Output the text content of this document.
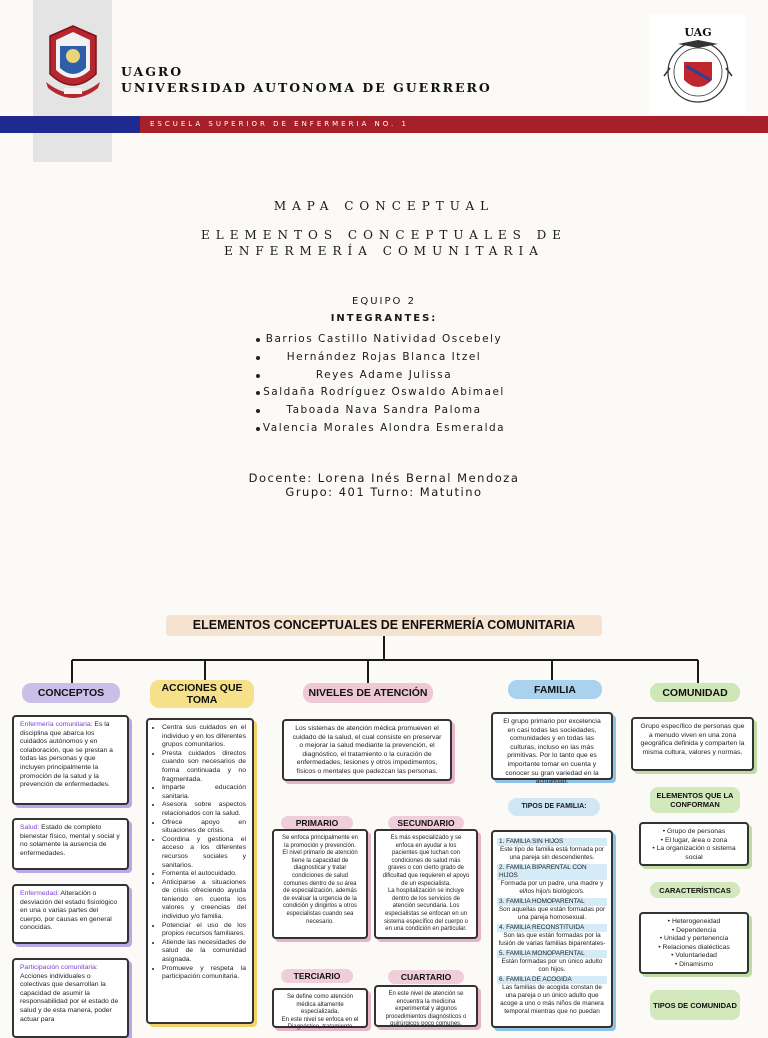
UAG
UAGRO
UNIVERSIDAD AUTONOMA DE GUERRERO
ESCUELA SUPERIOR DE ENFERMERIA NO. 1
MAPA CONCEPTUAL
ELEMENTOS CONCEPTUALES DE
ENFERMERÍA COMUNITARIA
EQUIPO 2
INTEGRANTES:
Barrios Castillo Natividad Oscebely
Hernández Rojas Blanca Itzel
Reyes Adame Julissa
Saldaña Rodríguez Oswaldo Abimael
Taboada Nava Sandra Paloma
Valencia Morales Alondra Esmeralda
Docente: Lorena Inés Bernal Mendoza
Grupo: 401 Turno: Matutino
ELEMENTOS CONCEPTUALES DE ENFERMERÍA COMUNITARIA
CONCEPTOS	ACCIONES QUE TOMA
NIVELES DE ATENCIÓN	FAMILIA	COMUNIDAD
Enfermería comunitaria: Es la disciplina que abarca los cuidados autónomos y en colaboración, que se prestan a todas las personas y que incluyen principalmente la promoción de la salud y la prevención de enfermedades.
Salud: Estado de completo bienestar físico, mental y social y no solamente la ausencia de enfermedades.
Enfermedad: Alteración o desviación del estado fisiológico en una o varias partes del cuerpo, por causas en general conocidas.
Participación comunitaria: Acciones individuales o colectivas que desarrollan la capacidad de asumir la responsabilidad por el estado de salud y de esta manera, poder actuar para
• Centra sus cuidados en el individuo y en los diferentes grupos comunitarios.
• Presta cuidados directos cuando son necesarios de forma continuada y no fragmentada.
• Imparte educación sanitaria.
• Asesora sobre aspectos relacionados con la salud.
• Ofrece apoyo en situaciones de crisis.
• Coordina y gestiona el acceso a los diferentes recursos sociales y sanitarios.
• Fomenta el autocuidado.
• Anticiparse a situaciones de crisis ofreciendo ayuda teniendo en cuenta los valores y creencias del individuo y/o familia.
• Potenciar el uso de los propios recursos familiares.
• Atiende las necesidades de salud de la comunidad asignada.
• Promueve y respeta la participación comunitaria.
Los sistemas de atención médica promueven el cuidado de la salud, el cual consiste en preservar o mejorar la salud mediante la prevención, el diagnóstico, el tratamiento o la curación de enfermedades, lesiones y otros impedimentos, físicos o mentales que padezcan las personas.
PRIMARIO	SECUNDARIO
Se enfoca principalmente en la promoción y prevención.
El nivel primario de atención tiene la capacidad de diagnosticar y tratar condiciones de salud comunes dentro de su área de especialización, además de evaluar la urgencia de la condición y dirigirlos a otros especialistas cuando sea necesario.
Es más especializado y se enfoca en ayudar a los pacientes que luchan con condiciones de salud más graves o con cierto grado de dificultad que requieren el apoyo de un especialista.
La hospitalización se incluye dentro de los servicios de atención secundaria. Los especialistas se enfocan en un sistema específico del cuerpo o en una condición en particular.
TERCIARIO	CUARTARIO
Se define como atención médica altamente especializada.
En este nivel se enfoca en el Diagnóstico, tratamiento
En este nivel de atención se encuentra la medicina experimental y algunos procedimientos diagnósticos o quirúrgicos poco comunes.
El grupo primario por excelencia en casi todas las sociedades, comunidades y en todas las culturas, incluso en las más primitivas. Por lo tanto que es importante tomar en cuenta y conocer su gran variedad en la actualidad.
TIPOS DE FAMILIA:
1. FAMILIA SIN HIJOS
Este tipo de familia está formada por una pareja sin descendientes.
2. FAMILIA BIPARENTAL CON HIJOS
Formada por un padre, una madre y el/los hijo/s biológico/s.
3. FAMILIA HOMOPARENTAL
Son aquellas que están formadas por una pareja homosexual.
4. FAMILIA RECONSTITUIDA
Son las que están formadas por la fusión de varias familias biparentales-
5. FAMILIA MONOPARENTAL
Están formadas por un único adulto con hijos.
6. FAMILIA DE ACOGIDA
Las familias de acogida constan de una pareja o un único adulto que acoge a uno o más niños de manera temporal mientras que no puedan
Grupo específico de personas que a menudo viven en una zona geográfica definida y comparten la misma cultura, valores y normas.
ELEMENTOS QUE LA CONFORMAN
• Grupo de personas
• El lugar, área o zona
• La organización o sistema social
CARACTERÍSTICAS
• Heterogeneidad
• Dependencia
• Unidad y pertenencia
• Relaciones dialécticas
• Voluntariedad
• Dinamismo
TIPOS DE COMUNIDAD
